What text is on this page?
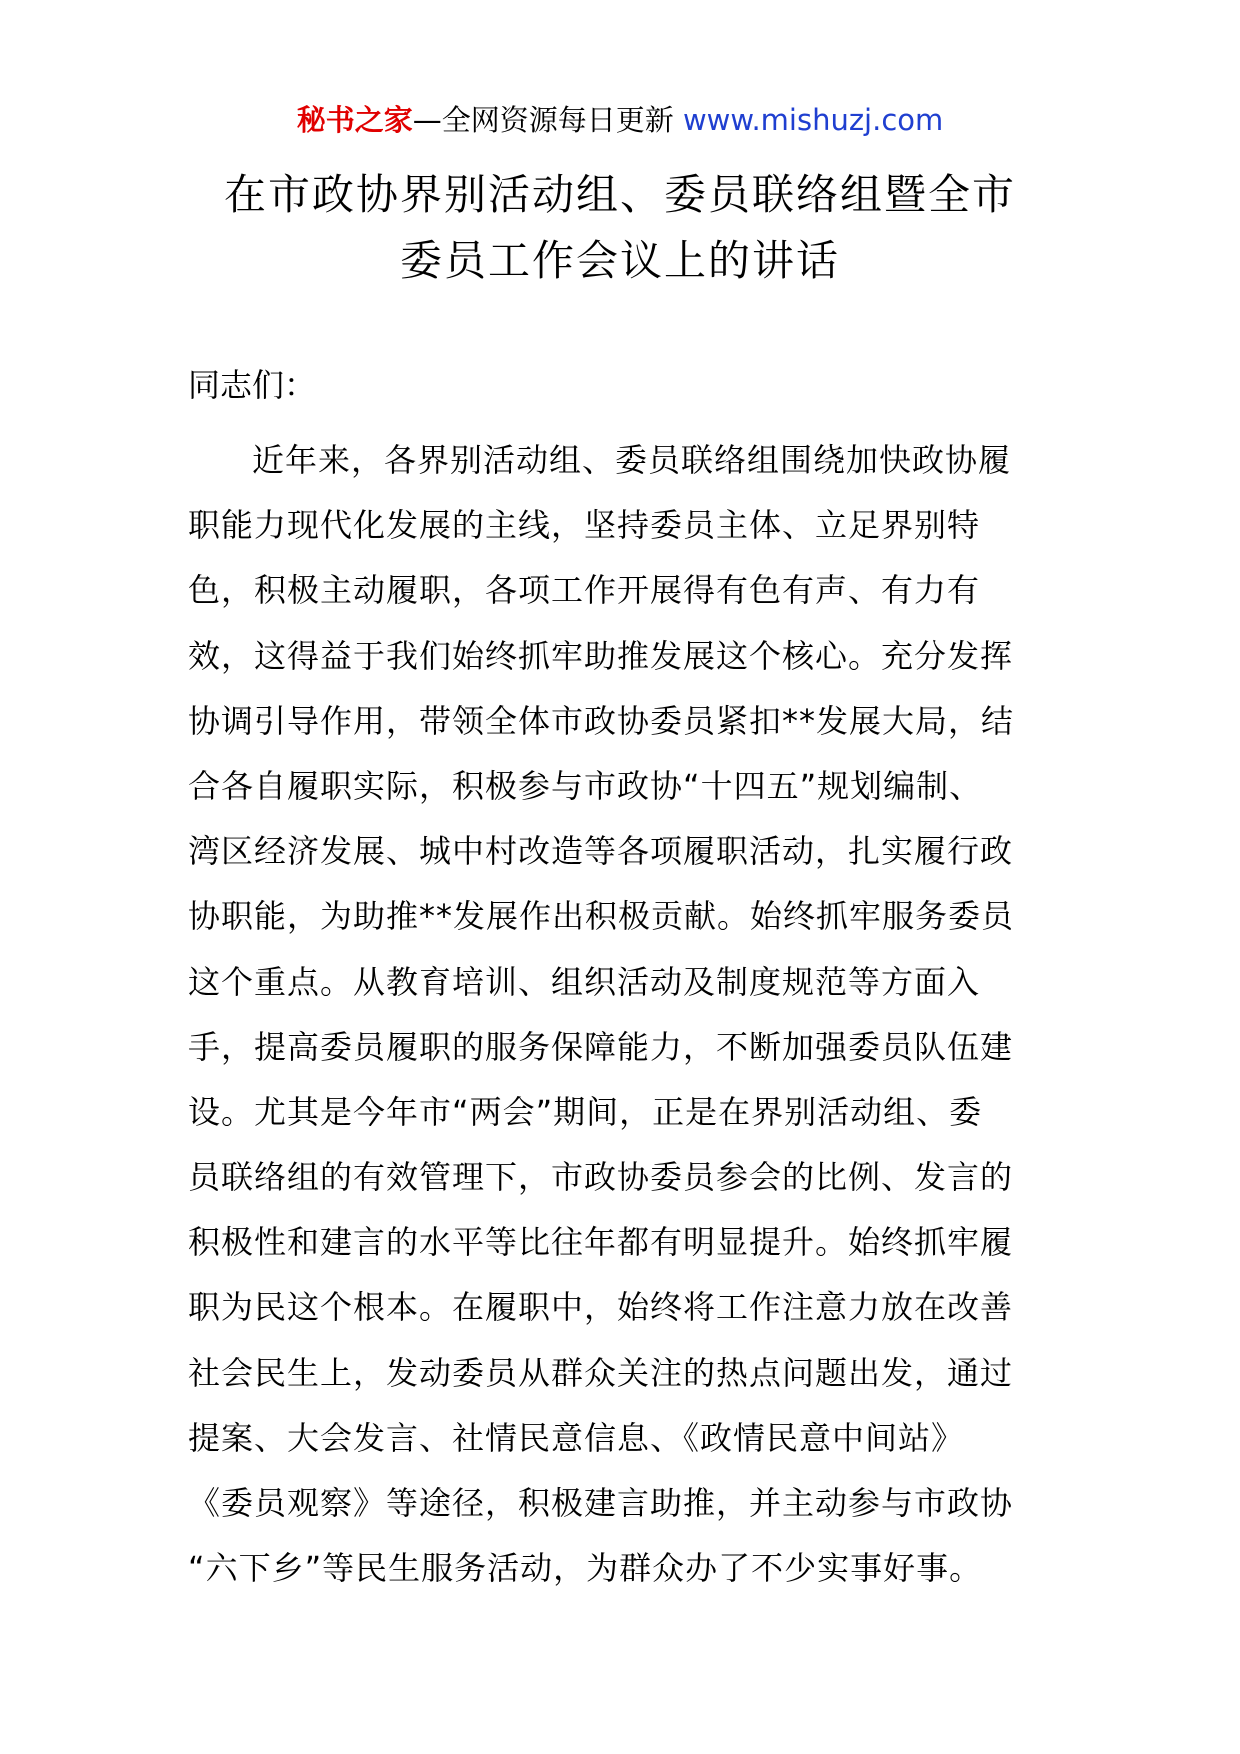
秘书之家—全网资源每日更新 www.mishuzj.com
在市政协界别活动组、委员联络组暨全市
委员工作会议上的讲话
同志们：
近年来，各界别活动组、委员联络组围绕加快政协履
职能力现代化发展的主线，坚持委员主体、立足界别特
色，积极主动履职，各项工作开展得有色有声、有力有
效，这得益于我们始终抓牢助推发展这个核心。充分发挥
协调引导作用，带领全体市政协委员紧扣**发展大局，结
合各自履职实际，积极参与市政协“十四五”规划编制、
湾区经济发展、城中村改造等各项履职活动，扎实履行政
协职能，为助推**发展作出积极贡献。始终抓牢服务委员
这个重点。从教育培训、组织活动及制度规范等方面入
手，提高委员履职的服务保障能力，不断加强委员队伍建
设。尤其是今年市“两会”期间，正是在界别活动组、委
员联络组的有效管理下，市政协委员参会的比例、发言的
积极性和建言的水平等比往年都有明显提升。始终抓牢履
职为民这个根本。在履职中，始终将工作注意力放在改善
社会民生上，发动委员从群众关注的热点问题出发，通过
提案、大会发言、社情民意信息、《政情民意中间站》
《委员观察》等途径，积极建言助推，并主动参与市政协
“六下乡”等民生服务活动，为群众办了不少实事好事。
